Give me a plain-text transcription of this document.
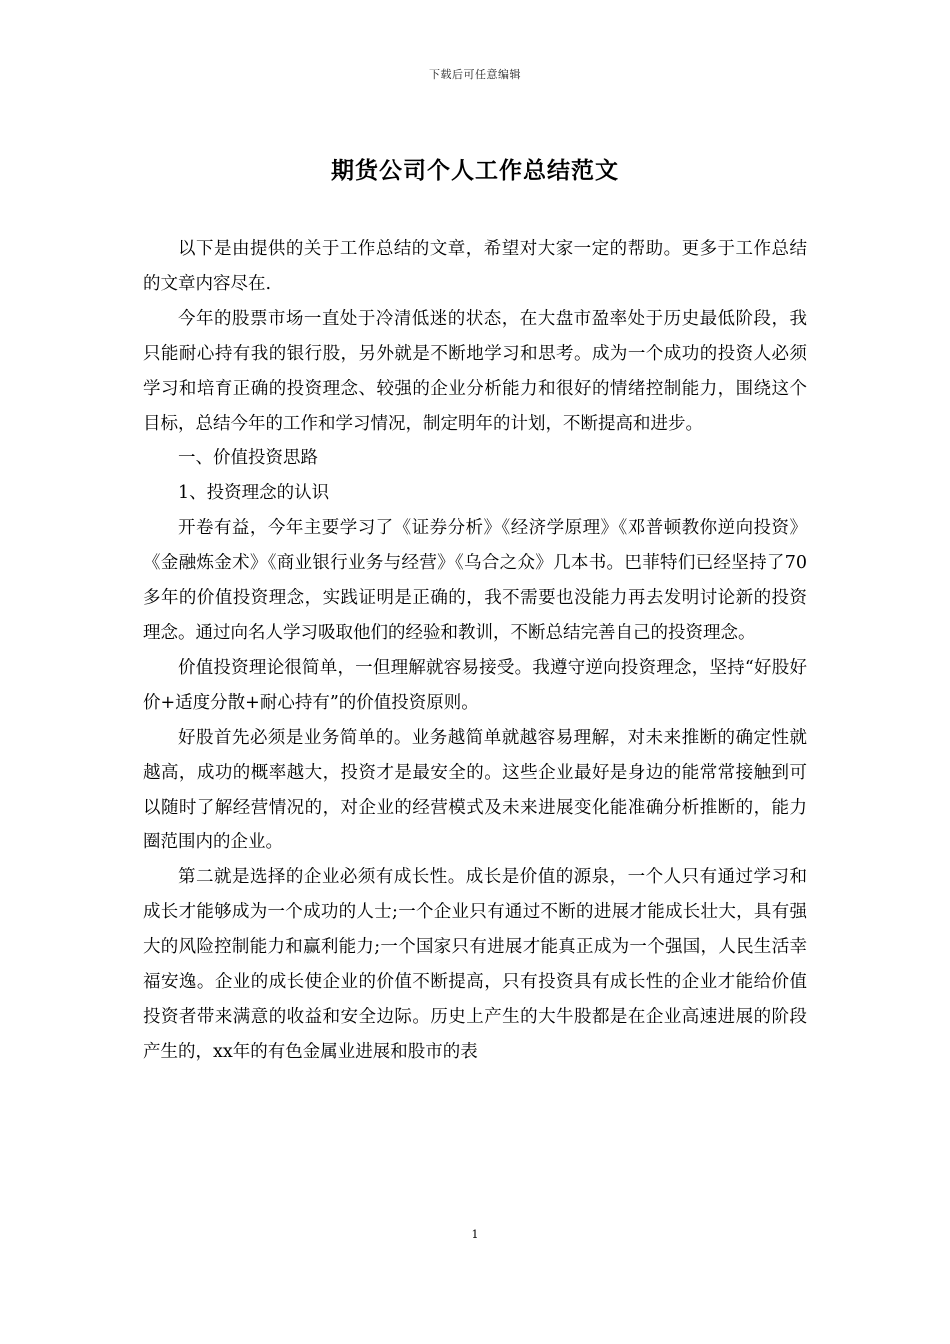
下载后可任意编辑
期货公司个人工作总结范文

以下是由提供的关于工作总结的文章，希望对大家一定的帮助。更多于工作总结的文章内容尽在.

今年的股票市场一直处于冷清低迷的状态，在大盘市盈率处于历史最低阶段，我只能耐心持有我的银行股，另外就是不断地学习和思考。成为一个成功的投资人必须学习和培育正确的投资理念、较强的企业分析能力和很好的情绪控制能力，围绕这个目标，总结今年的工作和学习情况，制定明年的计划，不断提高和进步。

一、价值投资思路

1、投资理念的认识

开卷有益，今年主要学习了《证券分析》《经济学原理》《邓普顿教你逆向投资》《金融炼金术》《商业银行业务与经营》《乌合之众》几本书。巴菲特们已经坚持了70多年的价值投资理念，实践证明是正确的，我不需要也没能力再去发明讨论新的投资理念。通过向名人学习吸取他们的经验和教训，不断总结完善自己的投资理念。

价值投资理论很简单，一但理解就容易接受。我遵守逆向投资理念，坚持“好股好价+适度分散+耐心持有”的价值投资原则。

好股首先必须是业务简单的。业务越简单就越容易理解，对未来推断的确定性就越高，成功的概率越大，投资才是最安全的。这些企业最好是身边的能常常接触到可以随时了解经营情况的，对企业的经营模式及未来进展变化能准确分析推断的，能力圈范围内的企业。

第二就是选择的企业必须有成长性。成长是价值的源泉，一个人只有通过学习和成长才能够成为一个成功的人士;一个企业只有通过不断的进展才能成长壮大，具有强大的风险控制能力和赢利能力;一个国家只有进展才能真正成为一个强国，人民生活幸福安逸。企业的成长使企业的价值不断提高，只有投资具有成长性的企业才能给价值投资者带来满意的收益和安全边际。历史上产生的大牛股都是在企业高速进展的阶段产生的，xx年的有色金属业进展和股市的表

1
